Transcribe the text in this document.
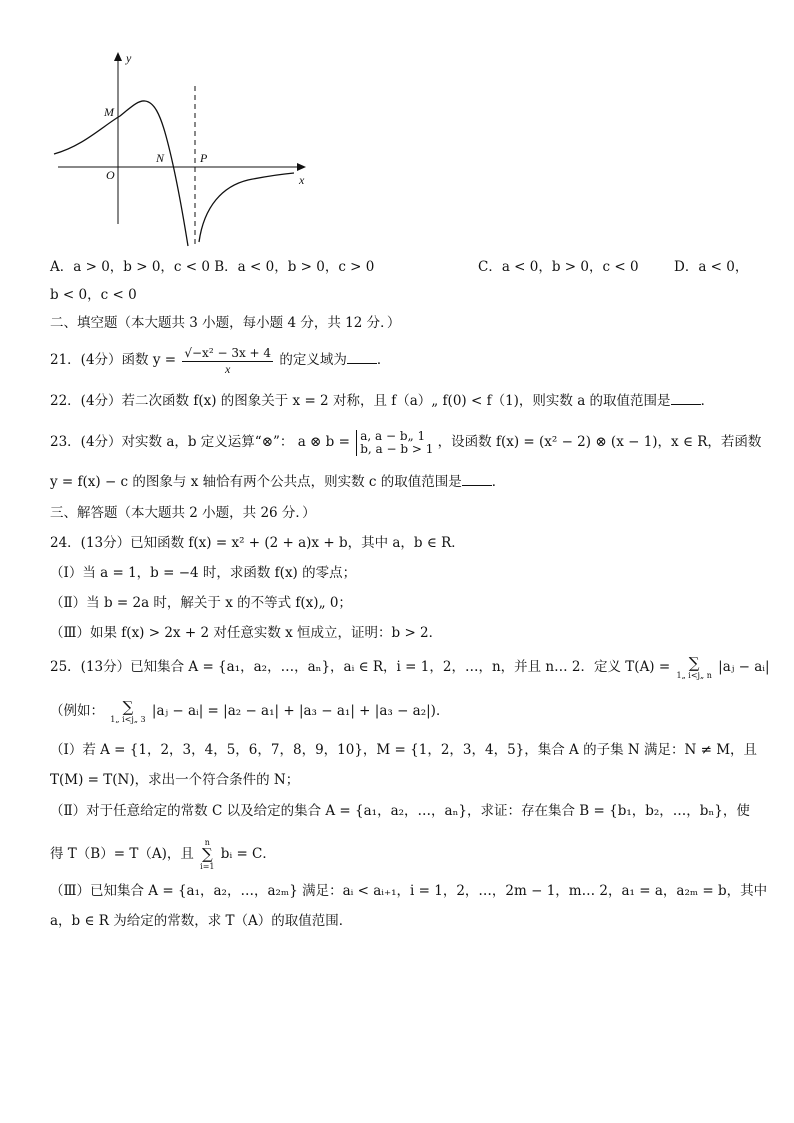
y
x
M
N	P
O
A．a > 0，b > 0，c < 0 B．a < 0，b > 0，c > 0	C．a < 0，b > 0，c < 0	D．a < 0，
b < 0，c < 0
二、填空题（本大题共 3 小题，每小题 4 分，共 12 分．）
21．(4分）函数 $y = \frac{\text{√−x² − 3x + 4}}{x}$ 的定义域为 ．
22．(4分）若二次函数 f(x) 的图象关于 x = 2 对称，且 f（a）„ f(0) < f（1)，则实数 a 的取值范围是 ．
23．(4分）对实数 a，b 定义运算“⊗”： a ⊗ b = a, a − b„ 1
b, a − b > 1 ，设函数 f(x) = (x² − 2) ⊗ (x − 1)，x ∈ R，若函数
y = f(x) − c 的图象与 x 轴恰有两个公共点，则实数 c 的取值范围是 ．
三、解答题（本大题共 2 小题，共 26 分．）
24．(13分）已知函数 f(x) = x² + (2 + a)x + b，其中 a，b ∈ R．
（Ⅰ）当 a = 1，b = −4 时，求函数 f(x) 的零点；
（Ⅱ）当 b = 2a 时，解关于 x 的不等式 f(x)„ 0；
（Ⅲ）如果 f(x) > 2x + 2 对任意实数 x 恒成立，证明：b > 2．
25．(13分）已知集合 A = {a₁，a₂，…，aₙ}，aᵢ ∈ R，i = 1，2，…，n，并且 n… 2．定义 T(A) =	∑
1„ i<j„ n |aⱼ − aᵢ|
（例如：	∑
1„ i<j„ 3 |aⱼ − aᵢ| = |a₂ − a₁| + |a₃ − a₁| + |a₃ − a₂|)．
（Ⅰ）若 A = {1，2，3，4，5，6，7，8，9，10}，M = {1，2，3，4，5}，集合 A 的子集 N 满足：N ≠ M，且
T(M) = T(N)，求出一个符合条件的 N；
（Ⅱ）对于任意给定的常数 C 以及给定的集合 A = {a₁，a₂，…，aₙ}，求证：存在集合 B = {b₁，b₂，…，bₙ}，使
得 T（B）= T（A)，且
n
∑
i=1
bᵢ = C．
（Ⅲ）已知集合 A = {a₁，a₂，…，a₂ₘ} 满足：aᵢ < aᵢ₊₁，i = 1，2，…，2m − 1，m… 2，a₁ = a，a₂ₘ = b，其中
a，b ∈ R 为给定的常数，求 T（A）的取值范围．
